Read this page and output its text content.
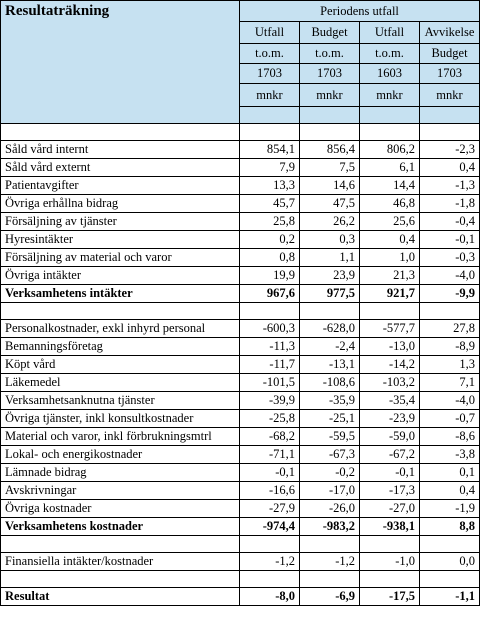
Resultaträkning	Periodens utfall			
	Utfall	Budget	Utfall	Avvikelse
	t.o.m.	t.o.m.	t.o.m.	Budget
	1703	1703	1603	1703
	mnkr	mnkr	mnkr	mnkr

Såld vård internt	854,1	856,4	806,2	-2,3
Såld vård externt	7,9	7,5	6,1	0,4
Patientavgifter	13,3	14,6	14,4	-1,3
Övriga erhållna bidrag	45,7	47,5	46,8	-1,8
Försäljning av tjänster	25,8	26,2	25,6	-0,4
Hyresintäkter	0,2	0,3	0,4	-0,1
Försäljning av material och varor	0,8	1,1	1,0	-0,3
Övriga intäkter	19,9	23,9	21,3	-4,0
Verksamhetens intäkter	967,6	977,5	921,7	-9,9

Personalkostnader, exkl inhyrd personal	-600,3	-628,0	-577,7	27,8
Bemanningsföretag	-11,3	-2,4	-13,0	-8,9
Köpt vård	-11,7	-13,1	-14,2	1,3
Läkemedel	-101,5	-108,6	-103,2	7,1
Verksamhetsanknutna tjänster	-39,9	-35,9	-35,4	-4,0
Övriga tjänster, inkl konsultkostnader	-25,8	-25,1	-23,9	-0,7
Material och varor, inkl förbrukningsmtrl	-68,2	-59,5	-59,0	-8,6
Lokal- och energikostnader	-71,1	-67,3	-67,2	-3,8
Lämnade bidrag	-0,1	-0,2	-0,1	0,1
Avskrivningar	-16,6	-17,0	-17,3	0,4
Övriga kostnader	-27,9	-26,0	-27,0	-1,9
Verksamhetens kostnader	-974,4	-983,2	-938,1	8,8

Finansiella intäkter/kostnader	-1,2	-1,2	-1,0	0,0

Resultat	-8,0	-6,9	-17,5	-1,1
